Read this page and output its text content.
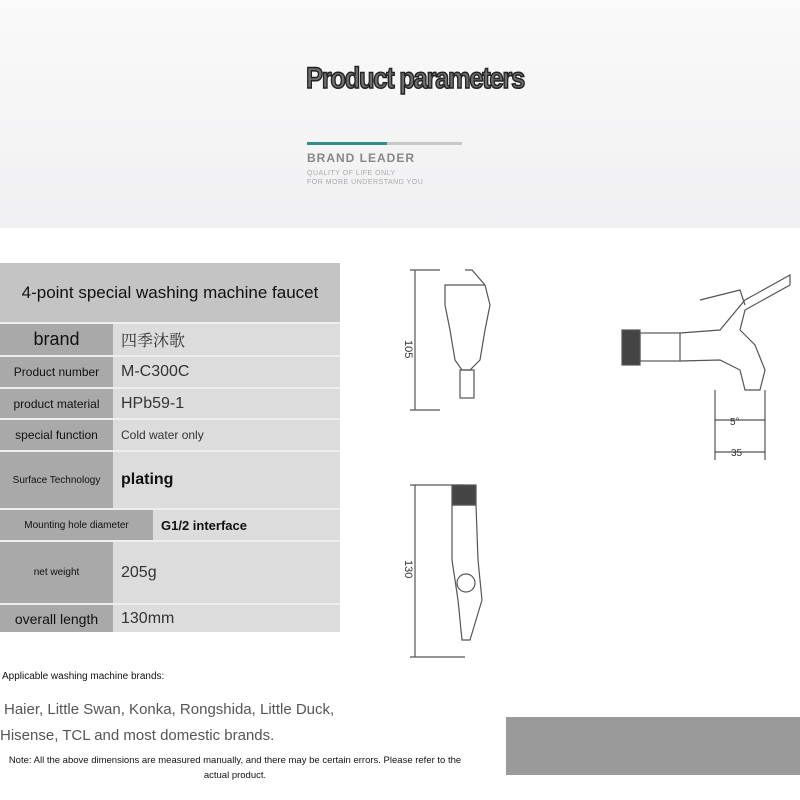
Product parameters
BRAND LEADER
QUALITY OF LIFE ONLY
FOR MORE UNDERSTAND YOU
4-point special washing machine faucet
brand	四季沐歌
Product number	M-C300C
product material	HPb59-1
special function	Cold water only
Surface Technology	plating
Mounting hole diameter	G1/2 interface
net weight	205g
overall length	130mm
105
130
5°
35
Applicable washing machine brands:
Haier, Little Swan, Konka, Rongshida, Little Duck,
Hisense, TCL and most domestic brands.
Note: All the above dimensions are measured manually, and there may be certain errors. Please refer to the actual product.
